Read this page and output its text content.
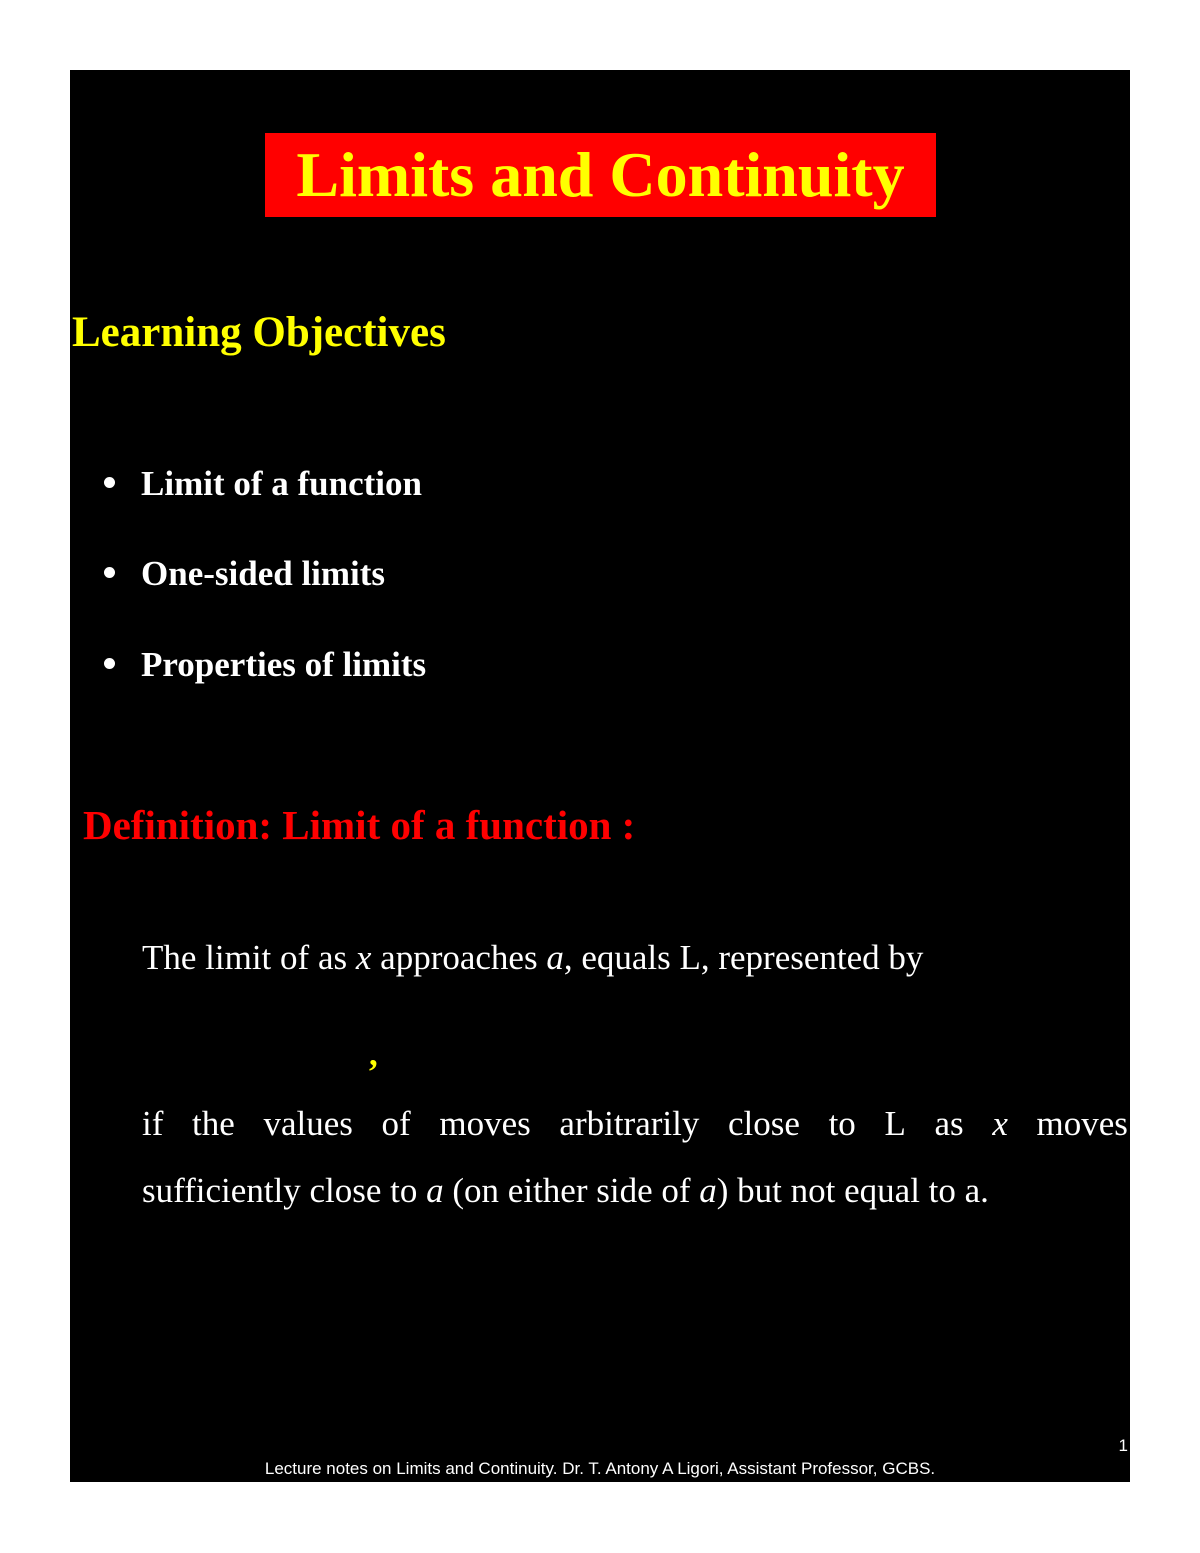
Limits and Continuity
Learning Objectives
Limit of a function
One-sided limits
Properties of limits
Definition: Limit of a function :
The limit of as x approaches a, equals L, represented by
,
if the values of moves arbitrarily close to L as x moves
sufficiently close to a (on either side of a) but not equal to a.
1
Lecture notes on Limits and Continuity. Dr. T. Antony A Ligori, Assistant Professor, GCBS.
